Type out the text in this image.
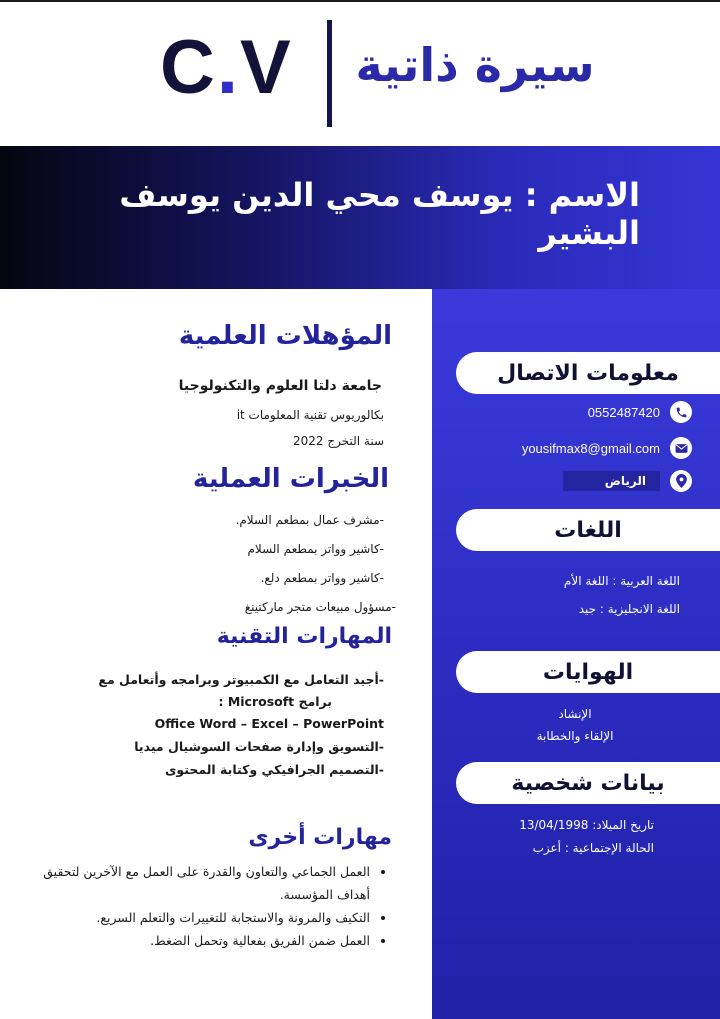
C.V سيرة ذاتية
الاسم : يوسف محي الدين يوسف البشير
معلومات الاتصال
0552487420
yousifmax8@gmail.com
الرياض
اللغات
اللغة العربية : اللغة الأم
اللغة الانجليزية : جيد
الهوايات
الإنشاد
الإلقاء والخطابة
بيانات شخصية
تاريخ الميلاد: 13/04/1998
الحالة الإجتماعية : أعزب
المؤهلات العلمية
جامعة دلتا العلوم والتكنولوجيا
بكالوريوس تقنية المعلومات it
سنة التخرج 2022
الخبرات العملية
-مشرف عمال بمطعم السلام.
-كاشير وواتر بمطعم السلام
-كاشير وواتر بمطعم دلع.
-مسؤول مبيعات متجر ماركتينغ
المهارات التقنية
-أجيد التعامل مع الكمبيوتر وبرامجه وأتعامل مع
برامج Microsoft :
Office Word – Excel – PowerPoint
-التسويق وإدارة صفحات السوشيال ميديا
-التصميم الجرافيكي وكتابة المحتوى
مهارات أخرى
• العمل الجماعي والتعاون والقدرة على العمل مع الآخرين لتحقيق أهداف المؤسسة.
• التكيف والمرونة والاستجابة للتغييرات والتعلم السريع.
• العمل ضمن الفريق بفعالية وتحمل الضغط.
